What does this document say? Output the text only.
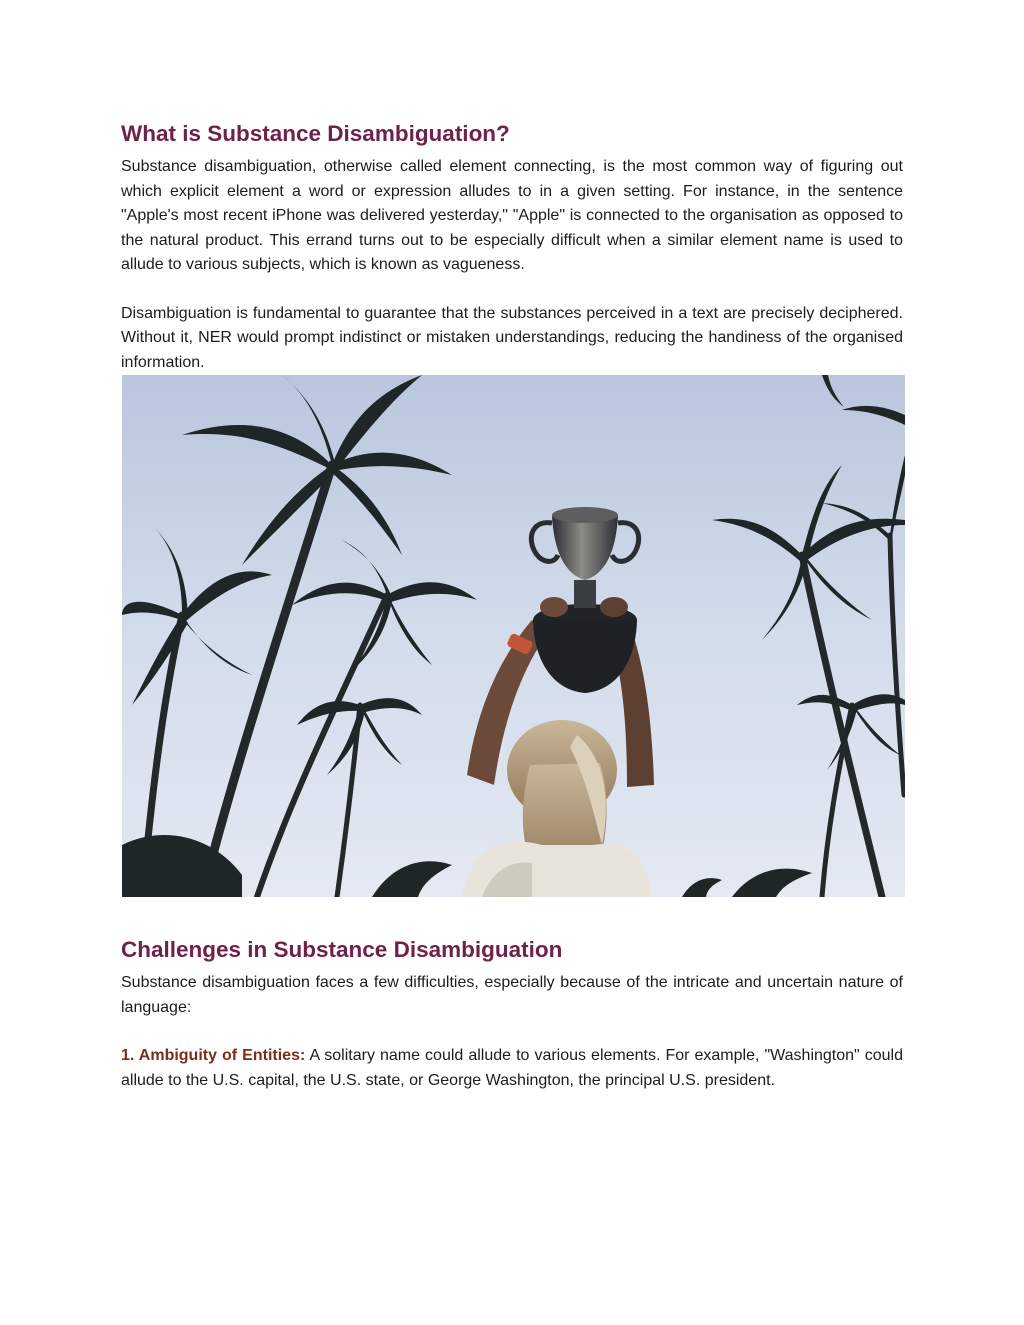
What is Substance Disambiguation?

Substance disambiguation, otherwise called element connecting, is the most common way of figuring out which explicit element a word or expression alludes to in a given setting. For instance, in the sentence "Apple's most recent iPhone was delivered yesterday," "Apple" is connected to the organisation as opposed to the natural product. This errand turns out to be especially difficult when a similar element name is used to allude to various subjects, which is known as vagueness.

Disambiguation is fundamental to guarantee that the substances perceived in a text are precisely deciphered. Without it, NER would prompt indistinct or mistaken understandings, reducing the handiness of the organised information.

Challenges in Substance Disambiguation

Substance disambiguation faces a few difficulties, especially because of the intricate and uncertain nature of language:

1. Ambiguity of Entities: A solitary name could allude to various elements. For example, "Washington" could allude to the U.S. capital, the U.S. state, or George Washington, the principal U.S. president.
